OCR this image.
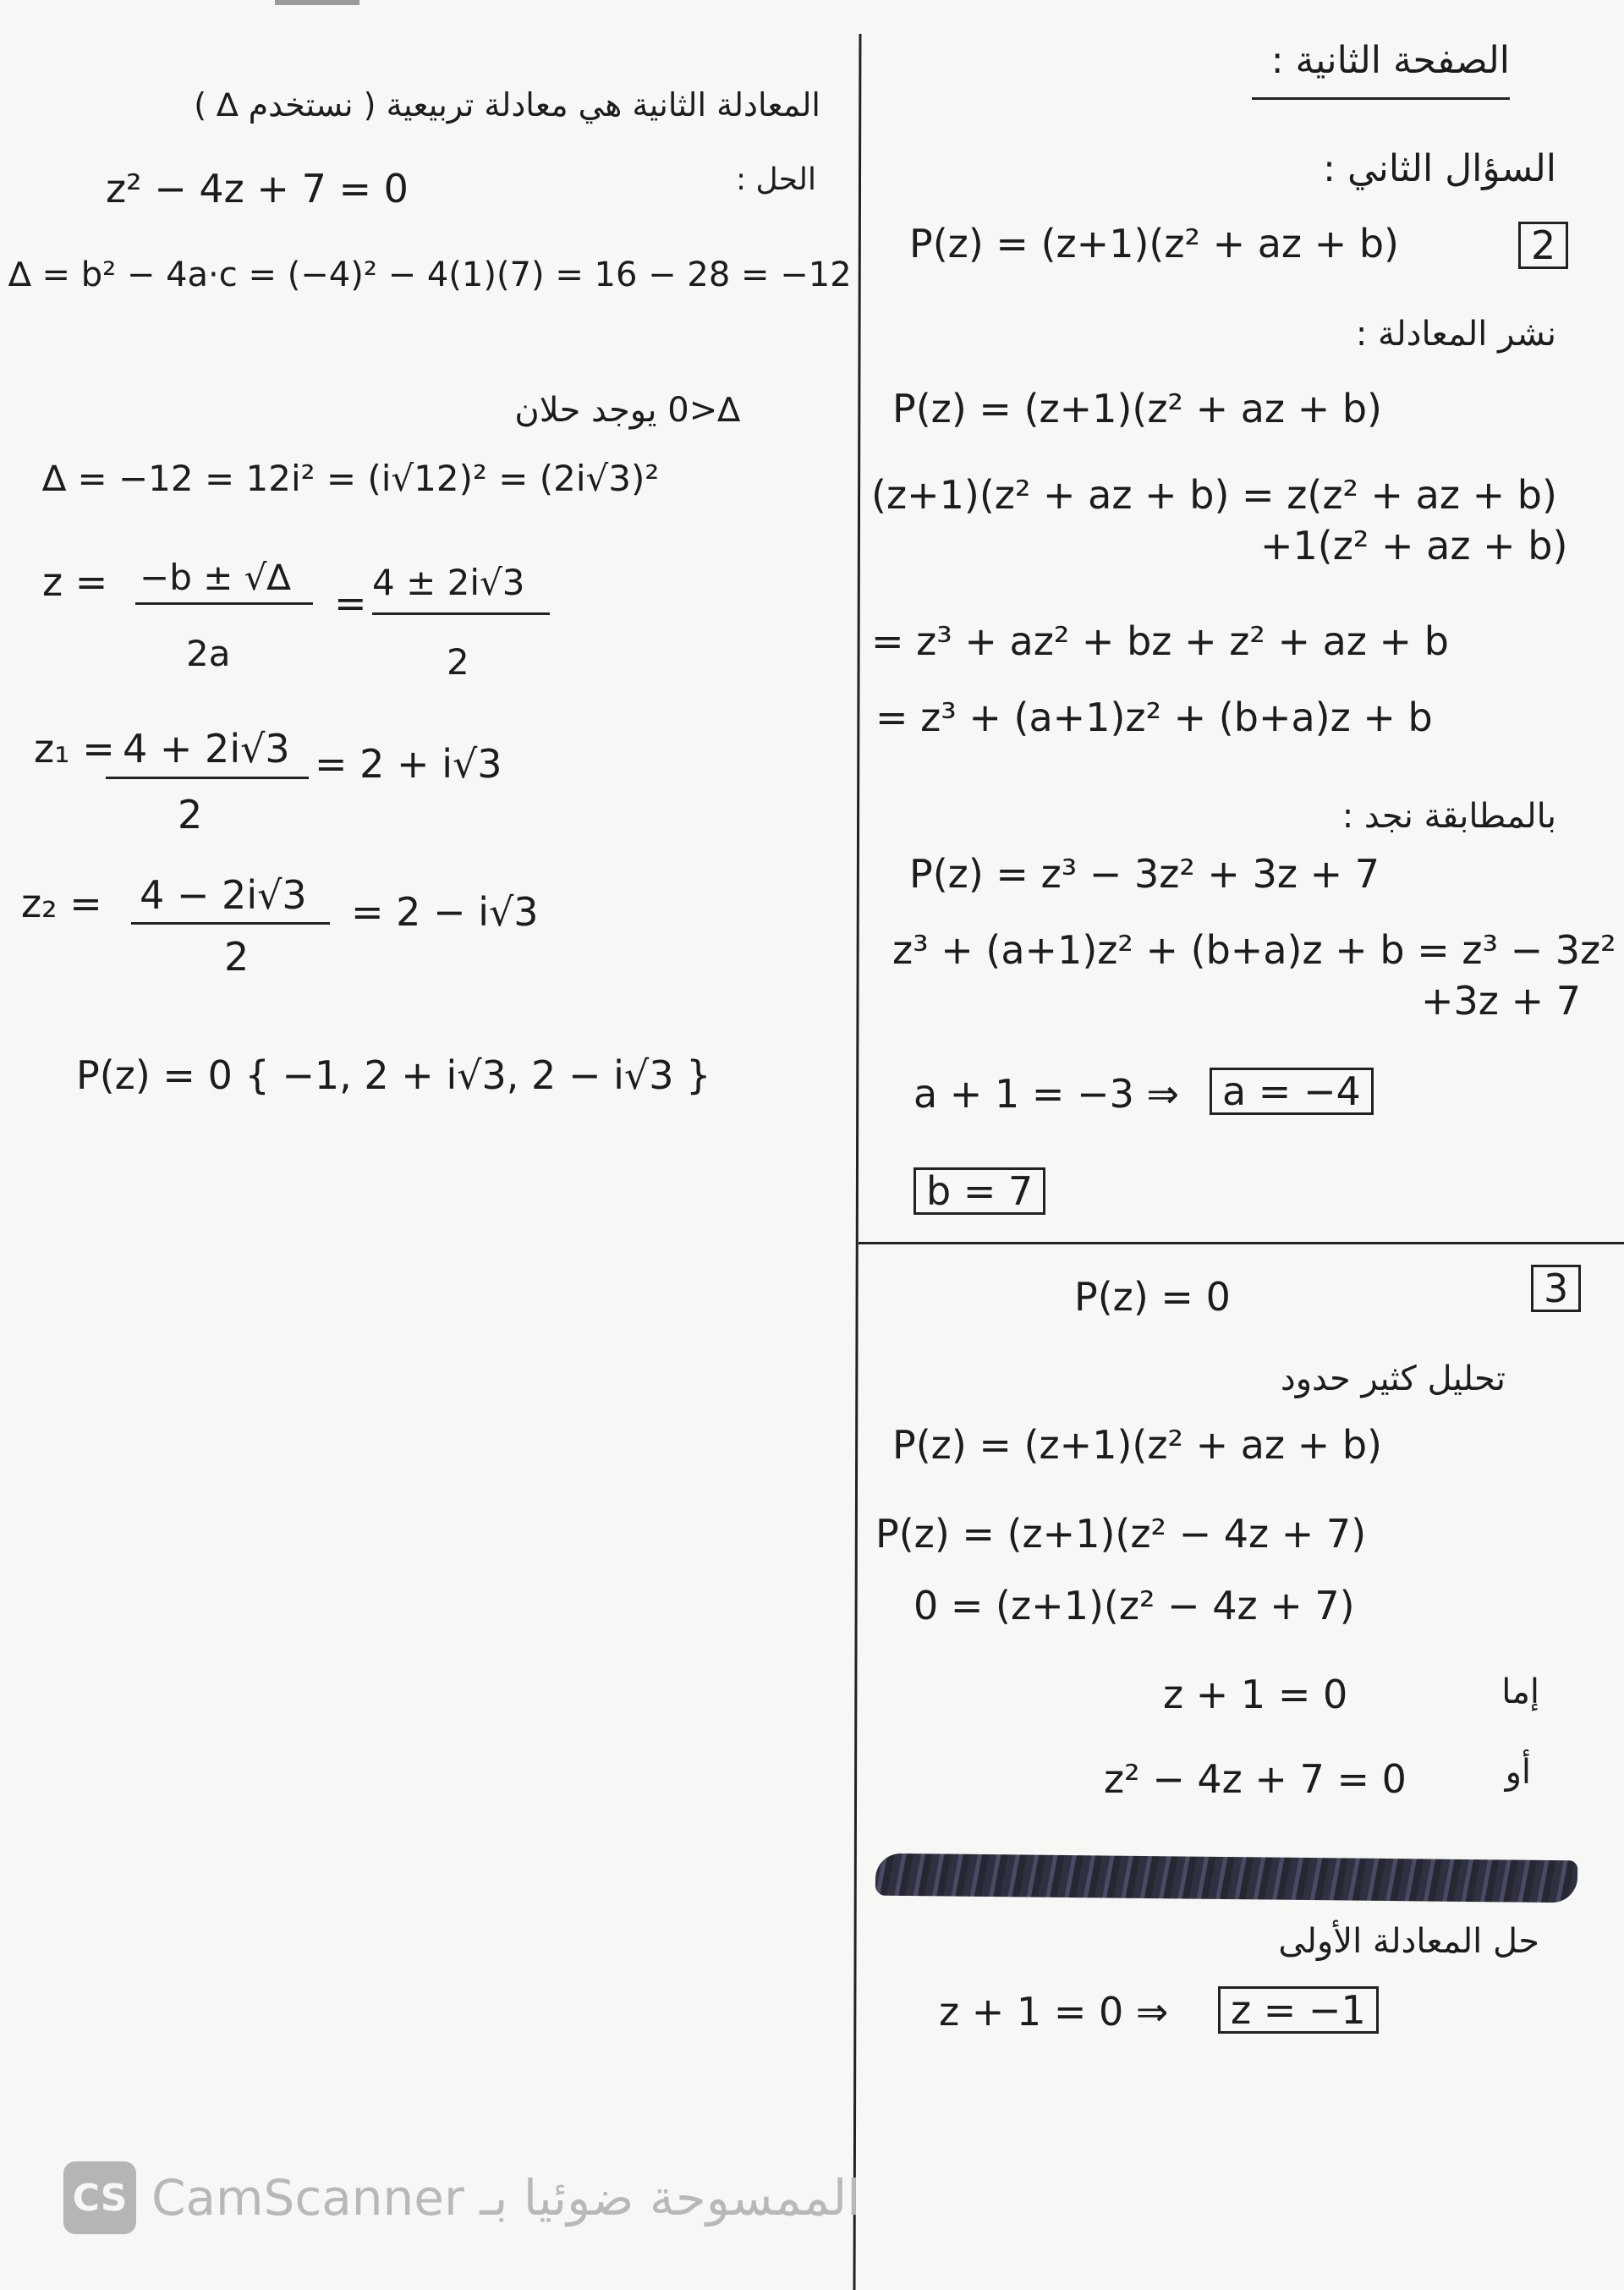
الصفحة الثانية :
السؤال الثاني :
P(z) = (z+1)(z² + az + b)	2
نشر المعادلة :
P(z) = (z+1)(z² + az + b)
(z+1)(z² + az + b) = z(z² + az + b)
+1(z² + az + b)
= z³ + az² + bz + z² + az + b
= z³ + (a+1)z² + (b+a)z + b
بالمطابقة نجد :
P(z) = z³ − 3z² + 3z + 7
z³ + (a+1)z² + (b+a)z + b = z³ − 3z²
+3z + 7
a + 1 = −3 ⇒	a = −4
b = 7
P(z) = 0	3
تحليل كثير حدود
P(z) = (z+1)(z² + az + b)
P(z) = (z+1)(z² − 4z + 7)
0 = (z+1)(z² − 4z + 7)
إما
z + 1 = 0
أو
z² − 4z + 7 = 0
حل المعادلة الأولى
z + 1 = 0 ⇒	z = −1
المعادلة الثانية هي معادلة تربيعية ( نستخدم ∆ )
الحل :
z² − 4z + 7 = 0
∆ = b² − 4a·c = (−4)² − 4(1)(7) = 16 − 28 = −12
∆<0 يوجد حلان
∆ = −12 = 12i² = (i√12)² = (2i√3)²
z = −b ± √∆
2a
= 4 ± 2i√3
2
z₁ = 4 + 2i√3
2
= 2 + i√3
z₂ = 4 − 2i√3
2
= 2 − i√3
P(z) = 0 { −1, 2 + i√3, 2 − i√3 }
CS CamScanner الممسوحة ضوئيا بـ
